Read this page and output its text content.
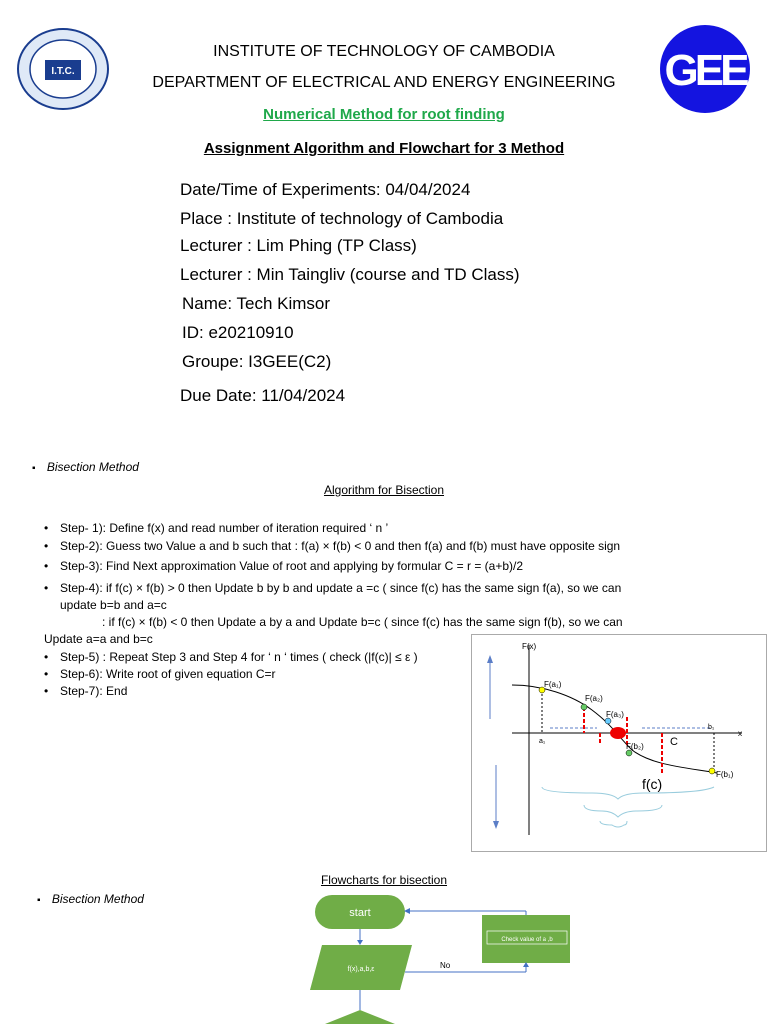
I.T.C.	GEE
INSTITUTE OF TECHNOLOGY OF CAMBODIA
DEPARTMENT OF ELECTRICAL AND ENERGY ENGINEERING
Numerical Method for root finding
Assignment Algorithm and Flowchart for 3 Method
Date/Time of Experiments: 04/04/2024
Place : Institute of technology of Cambodia
Lecturer : Lim Phing (TP Class)
Lecturer : Min Taingliv (course and TD Class)
Name: Tech Kimsor
ID: e20210910
Groupe: I3GEE(C2)
Due Date: 11/04/2024
▪ Bisection Method
Algorithm for Bisection
• Step- 1): Define f(x) and read number of iteration required ‘ n ’
• Step-2): Guess two Value a and b such that : f(a) × f(b) < 0 and then f(a) and f(b) must have opposite sign
• Step-3): Find Next approximation Value of root and applying by formular C = r = (a+b)/2
• Step-4): if f(c) × f(b) > 0 then Update b by b and update a =c ( since f(c) has the same sign f(a), so we can
update b=b and a=c
: if f(c) × f(b) < 0 then Update a by a and Update b=c ( since f(c) has the same sign f(b), so we can
Update a=a and b=c
• Step-5) : Repeat Step 3 and Step 4 for ‘ n ‘ times ( check (|f(c)| ≤ ε )
• Step-6): Write root of given equation C=r
• Step-7): End
F(x)
x
F(a₁)
F(a₂)
F(a₃)
F(b₂)
F(b₁)
a₁
b₁
C
f(c)
Flowcharts for bisection
▪ Bisection Method
start
f(x),a,b,ε
Check value of a ,b
No
